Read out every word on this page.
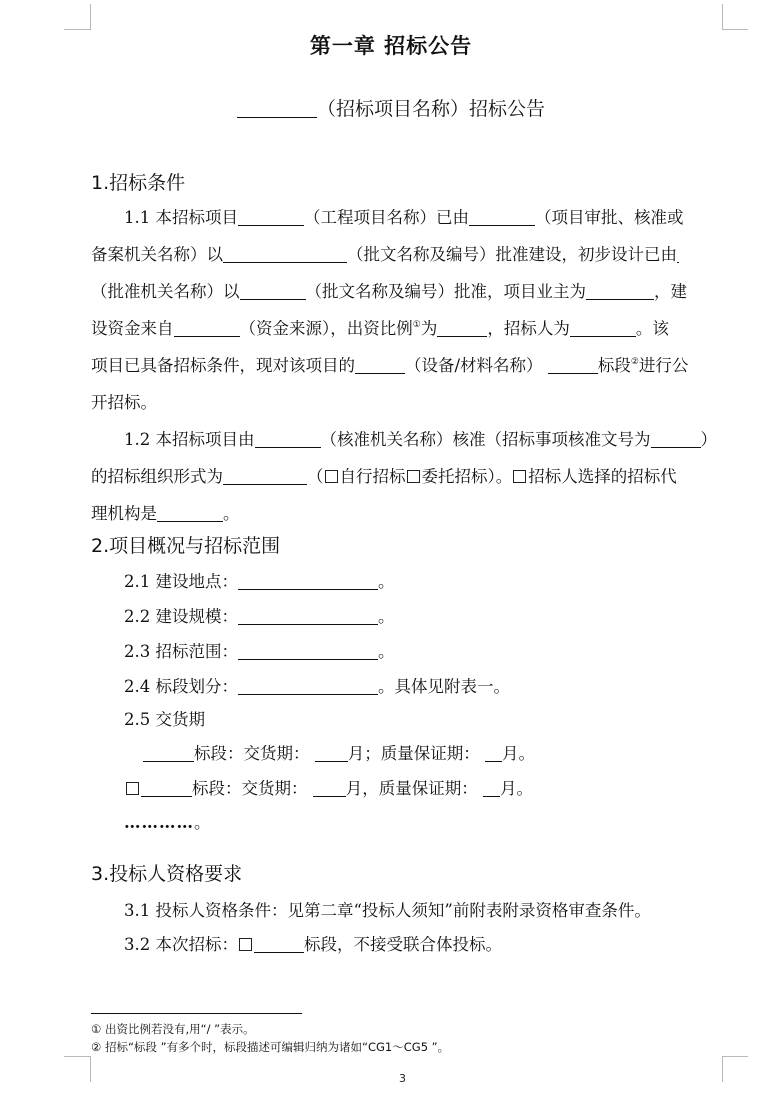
第一章 招标公告
（招标项目名称）招标公告
1.招标条件
1.1 本招标项目	（工程项目名称）已由	（项目审批、核准或
备案机关名称）以	（批文名称及编号）批准建设，初步设计已由
（批准机关名称）以	（批文名称及编号）批准，项目业主为	，建
设资金来自	（资金来源），出资比例①为	，招标人为	。该
项目已具备招标条件，现对该项目的	（设备/材料名称）	标段②进行公
开招标。
1.2 本招标项目由	（核准机关名称）核准（招标事项核准文号为	）
的招标组织形式为	（ 自行招标 委托招标）。 招标人选择的招标代
理机构是	。
2.项目概况与招标范围
2.1 建设地点：	。
2.2 建设规模：	。
2.3 招标范围：	。
2.4 标段划分：	。具体见附表一。
2.5 交货期
标段：交货期： 月；质量保证期： 月。
标段：交货期： 月，质量保证期： 月。
…………。
3.投标人资格要求
3.1 投标人资格条件：见第二章“投标人须知”前附表附录资格审查条件。
3.2 本次招标：	标段，不接受联合体投标。
① 出资比例若没有,用“/ ”表示。
② 招标“标段 ”有多个时，标段描述可编辑归纳为诸如“CG1～CG5 ”。
3
